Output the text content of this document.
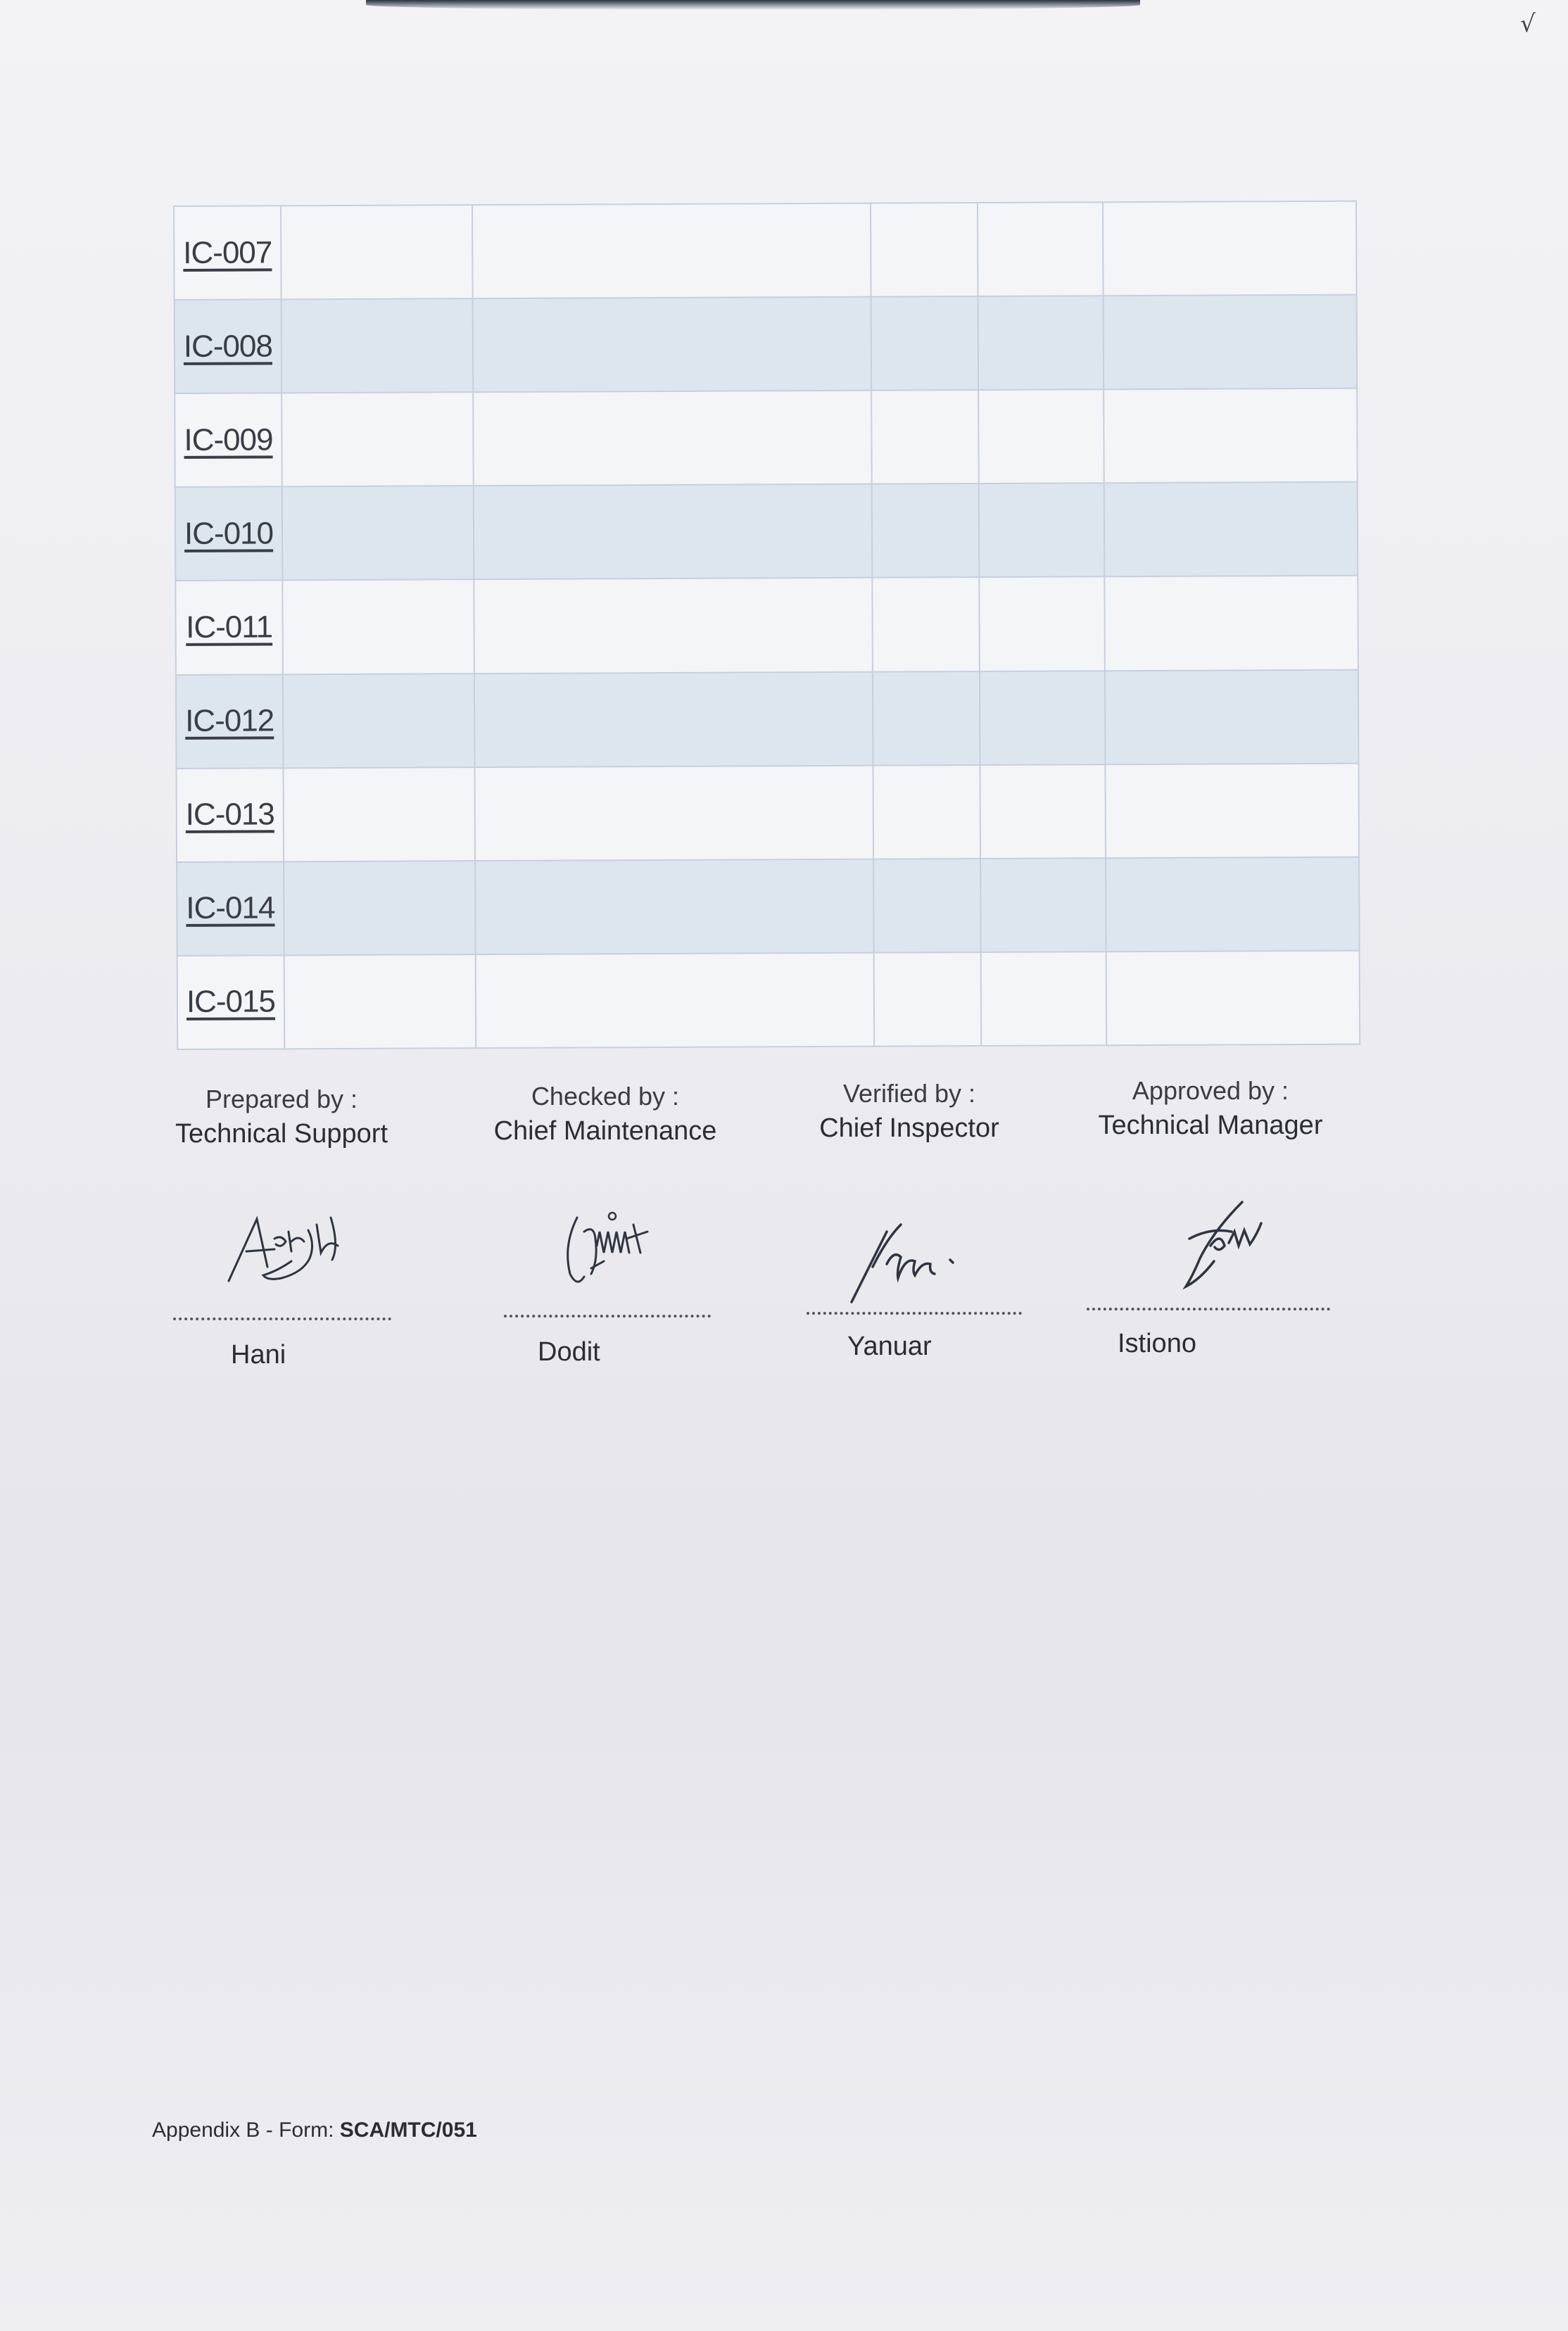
√
IC-007					
IC-008					
IC-009					
IC-010					
IC-011					
IC-012					
IC-013					
IC-014					
IC-015					
Prepared by :
Technical Support
Hani
Checked by :
Chief Maintenance
Dodit
Verified by :
Chief Inspector
Yanuar
Approved by :
Technical Manager
Istiono
Appendix B - Form: SCA/MTC/051
